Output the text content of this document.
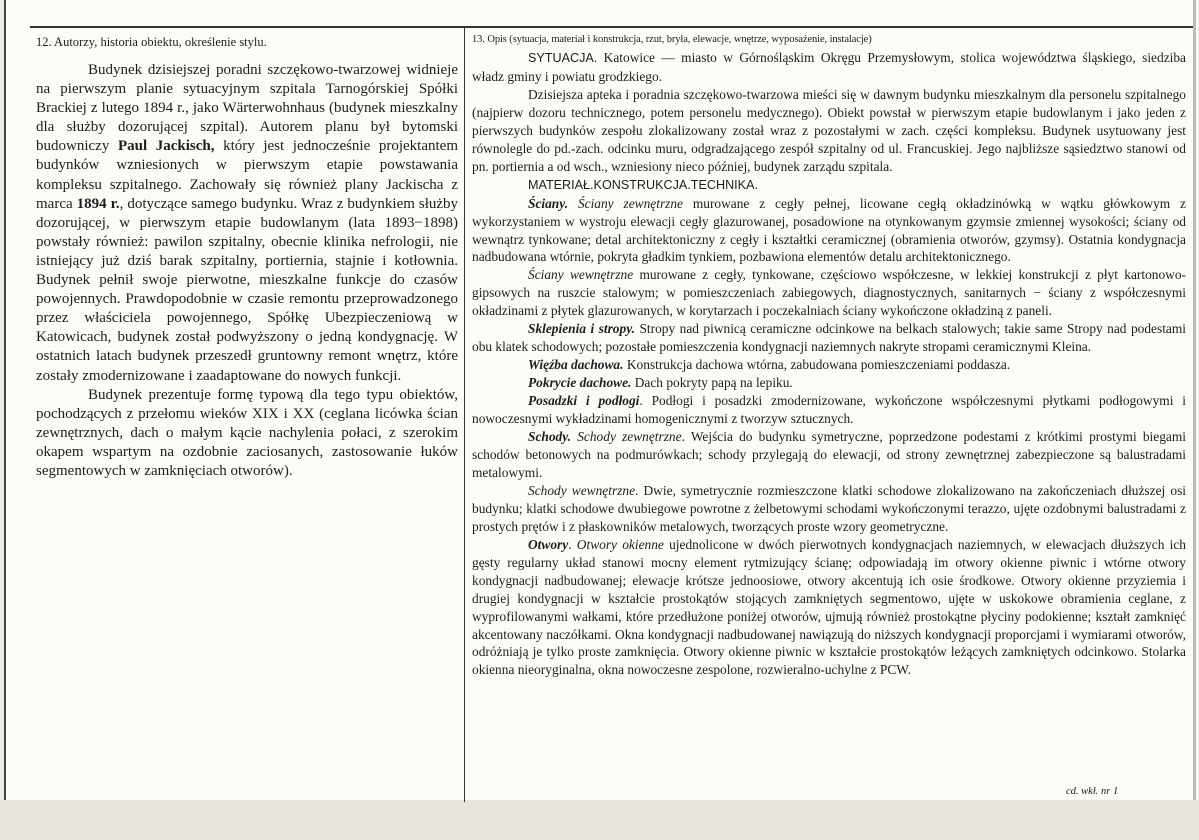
12. Autorzy, historia obiektu, określenie stylu.

Budynek dzisiejszej poradni szczękowo-twarzowej widnieje na pierwszym planie sytuacyjnym szpitala Tarnogórskiej Spółki Brackiej z lutego 1894 r., jako Wärterwohnhaus (budynek mieszkalny dla służby dozorującej szpital). Autorem planu był bytomski budowniczy Paul Jackisch, który jest jednocześnie projektantem budynków wzniesionych w pierwszym etapie powstawania kompleksu szpitalnego. Zachowały się również plany Jackischa z marca 1894 r., dotyczące samego budynku. Wraz z budynkiem służby dozorującej, w pierwszym etapie budowlanym (lata 1893−1898) powstały również: pawilon szpitalny, obecnie klinika nefrologii, nie istniejący już dziś barak szpitalny, portiernia, stajnie i kotłownia. Budynek pełnił swoje pierwotne, mieszkalne funkcje do czasów powojennych. Prawdopodobnie w czasie remontu przeprowadzonego przez właściciela powojennego, Spółkę Ubezpieczeniową w Katowicach, budynek został podwyższony o jedną kondygnację. W ostatnich latach budynek przeszedł gruntowny remont wnętrz, które zostały zmodernizowane i zaadaptowane do nowych funkcji.

Budynek prezentuje formę typową dla tego typu obiektów, pochodzących z przełomu wieków XIX i XX (ceglana licówka ścian zewnętrznych, dach o małym kącie nachylenia połaci, z szerokim okapem wspartym na ozdobnie zaciosanych, zastosowanie łuków segmentowych w zamknięciach otworów).

13. Opis (sytuacja, materiał i konstrukcja, rzut, bryła, elewacje, wnętrze, wyposażenie, instalacje)

SYTUACJA. Katowice — miasto w Górnośląskim Okręgu Przemysłowym, stolica województwa śląskiego, siedziba władz gminy i powiatu grodzkiego.

Dzisiejsza apteka i poradnia szczękowo-twarzowa mieści się w dawnym budynku mieszkalnym dla personelu szpitalnego (najpierw dozoru technicznego, potem personelu medycznego). Obiekt powstał w pierwszym etapie budowlanym i jako jeden z pierwszych budynków zespołu zlokalizowany został wraz z pozostałymi w zach. części kompleksu. Budynek usytuowany jest równolegle do pd.-zach. odcinku muru, odgradzającego zespół szpitalny od ul. Francuskiej. Jego najbliższe sąsiedztwo stanowi od pn. portiernia a od wsch., wzniesiony nieco później, budynek zarządu szpitala.

MATERIAŁ.KONSTRUKCJA.TECHNIKA.

Ściany. Ściany zewnętrzne murowane z cegły pełnej, licowane cegłą okładzinówką w wątku główkowym z wykorzystaniem w wystroju elewacji cegły glazurowanej, posadowione na otynkowanym gzymsie zmiennej wysokości; ściany od wewnątrz tynkowane; detal architektoniczny z cegły i kształtki ceramicznej (obramienia otworów, gzymsy). Ostatnia kondygnacja nadbudowana wtórnie, pokryta gładkim tynkiem, pozbawiona elementów detalu architektonicznego.

Ściany wewnętrzne murowane z cegły, tynkowane, częściowo współczesne, w lekkiej konstrukcji z płyt kartonowo-gipsowych na ruszcie stalowym; w pomieszczeniach zabiegowych, diagnostycznych, sanitarnych − ściany z współczesnymi okładzinami z płytek glazurowanych, w korytarzach i poczekalniach ściany wykończone okładziną z paneli.

Sklepienia i stropy. Stropy nad piwnicą ceramiczne odcinkowe na belkach stalowych; takie same Stropy nad podestami obu klatek schodowych; pozostałe pomieszczenia kondygnacji naziemnych nakryte stropami ceramicznymi Kleina.

Więźba dachowa. Konstrukcja dachowa wtórna, zabudowana pomieszczeniami poddasza.

Pokrycie dachowe. Dach pokryty papą na lepiku.

Posadzki i podłogi. Podłogi i posadzki zmodernizowane, wykończone współczesnymi płytkami podłogowymi i nowoczesnymi wykładzinami homogenicznymi z tworzyw sztucznych.

Schody. Schody zewnętrzne. Wejścia do budynku symetryczne, poprzedzone podestami z krótkimi prostymi biegami schodów betonowych na podmurówkach; schody przylegają do elewacji, od strony zewnętrznej zabezpieczone są balustradami metalowymi.

Schody wewnętrzne. Dwie, symetrycznie rozmieszczone klatki schodowe zlokalizowano na zakończeniach dłuższej osi budynku; klatki schodowe dwubiegowe powrotne z żelbetowymi schodami wykończonymi terazzo, ujęte ozdobnymi balustradami z prostych prętów i z płaskowników metalowych, tworzących proste wzory geometryczne.

Otwory. Otwory okienne ujednolicone w dwóch pierwotnych kondygnacjach naziemnych, w elewacjach dłuższych ich gęsty regularny układ stanowi mocny element rytmizujący ścianę; odpowiadają im otwory okienne piwnic i wtórne otwory kondygnacji nadbudowanej; elewacje krótsze jednoosiowe, otwory akcentują ich osie środkowe. Otwory okienne przyziemia i drugiej kondygnacji w kształcie prostokątów stojących zamkniętych segmentowo, ujęte w uskokowe obramienia ceglane, z wyprofilowanymi wałkami, które przedłużone poniżej otworów, ujmują również prostokątne płyciny podokienne; kształt zamknięć akcentowany naczółkami. Okna kondygnacji nadbudowanej nawiązują do niższych kondygnacji proporcjami i wymiarami otworów, odróżniają je tylko proste zamknięcia. Otwory okienne piwnic w kształcie prostokątów leżących zamkniętych odcinkowo. Stolarka okienna nieoryginalna, okna nowoczesne zespolone, rozwieralno-uchylne z PCW.

cd. wkł. nr 1
